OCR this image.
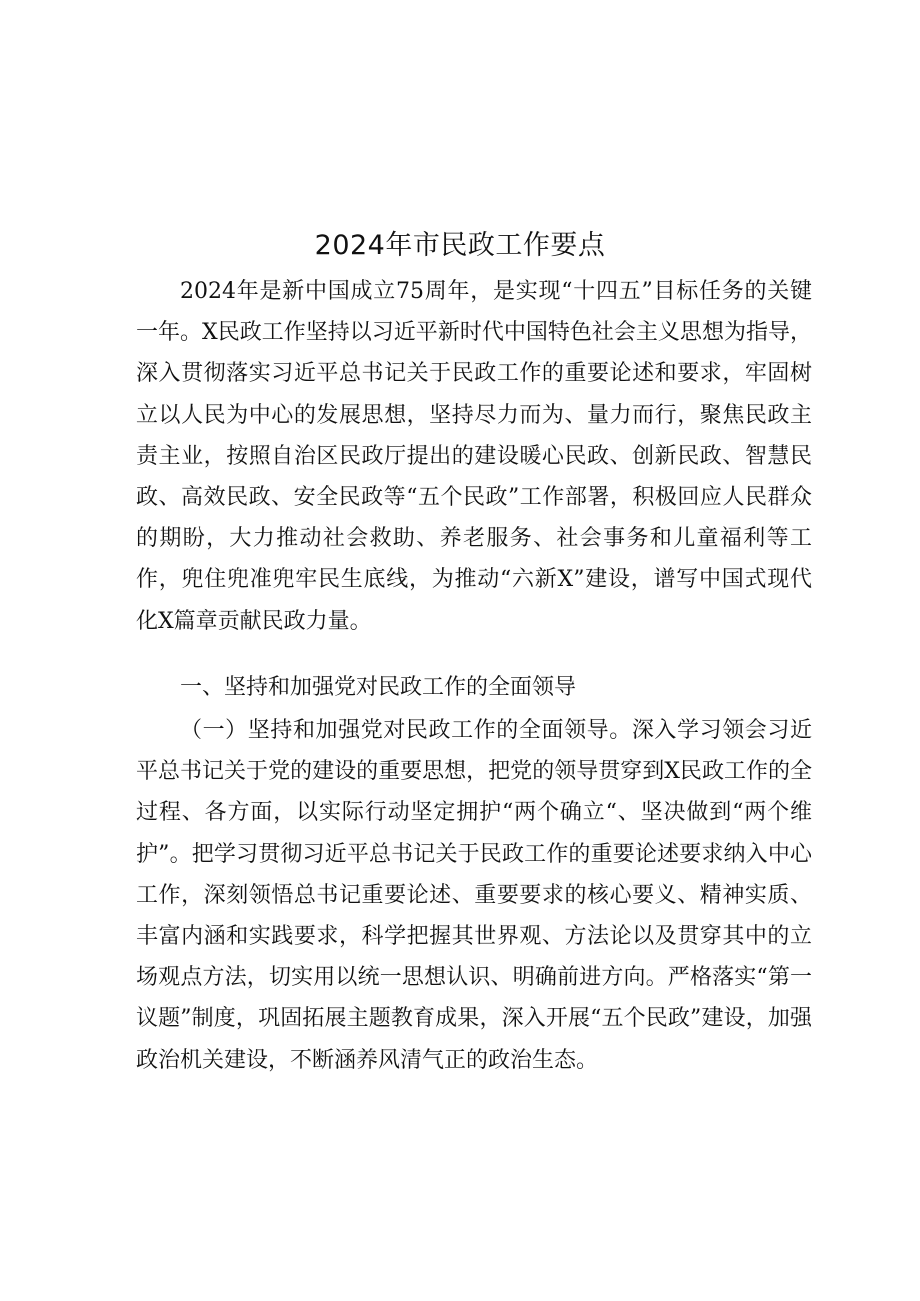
2024年市民政工作要点

2024年是新中国成立75周年，是实现“十四五”目标任务的关键一年。X民政工作坚持以习近平新时代中国特色社会主义思想为指导，深入贯彻落实习近平总书记关于民政工作的重要论述和要求，牢固树立以人民为中心的发展思想，坚持尽力而为、量力而行，聚焦民政主责主业，按照自治区民政厅提出的建设暖心民政、创新民政、智慧民政、高效民政、安全民政等“五个民政”工作部署，积极回应人民群众的期盼，大力推动社会救助、养老服务、社会事务和儿童福利等工作，兜住兜准兜牢民生底线，为推动“六新X”建设，谱写中国式现代化X篇章贡献民政力量。

一、坚持和加强党对民政工作的全面领导

（一）坚持和加强党对民政工作的全面领导。深入学习领会习近平总书记关于党的建设的重要思想，把党的领导贯穿到X民政工作的全过程、各方面，以实际行动坚定拥护“两个确立“、坚决做到“两个维护”。把学习贯彻习近平总书记关于民政工作的重要论述要求纳入中心工作，深刻领悟总书记重要论述、重要要求的核心要义、精神实质、丰富内涵和实践要求，科学把握其世界观、方法论以及贯穿其中的立场观点方法，切实用以统一思想认识、明确前进方向。严格落实“第一议题”制度，巩固拓展主题教育成果，深入开展“五个民政”建设，加强政治机关建设，不断涵养风清气正的政治生态。
